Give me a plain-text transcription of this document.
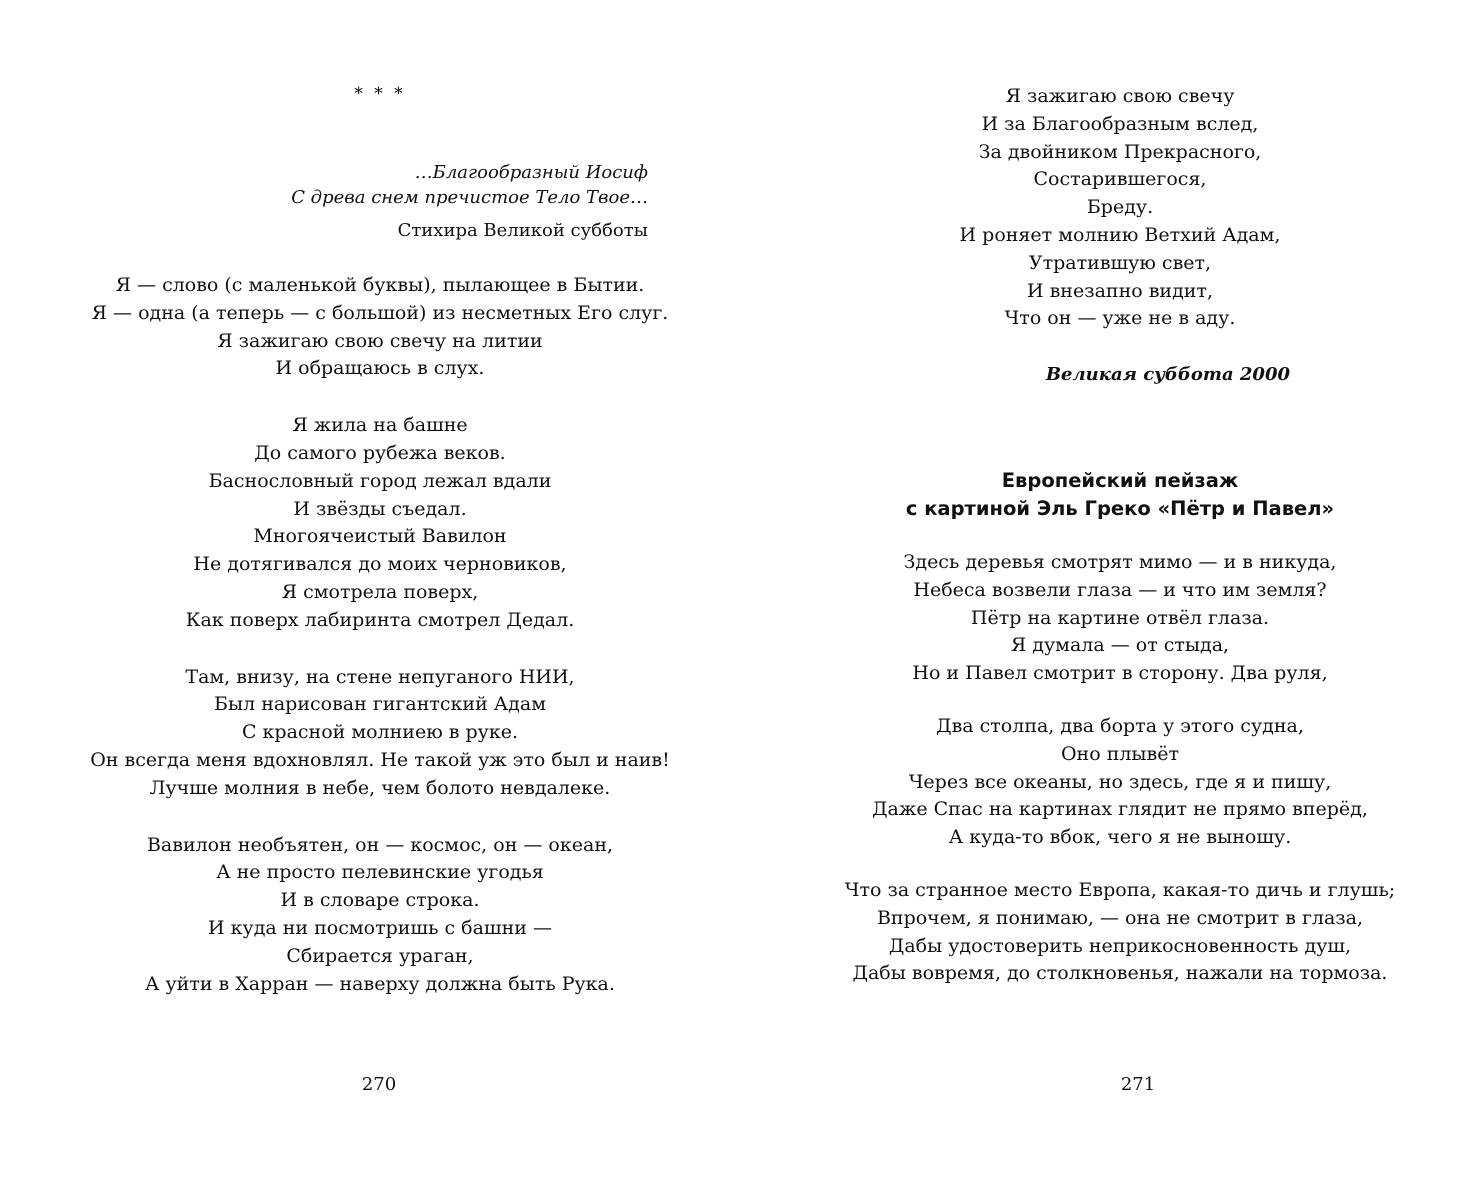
* * *
…Благообразный Иосиф
С древа снем пречистое Тело Твое…
Стихира Великой субботы
Я — слово (с маленькой буквы), пылающее в Бытии.
Я — одна (а теперь — с большой) из несметных Его слуг.
Я зажигаю свою свечу на литии
И обращаюсь в слух.
Я жила на башне
До самого рубежа веков.
Баснословный город лежал вдали
И звёзды съедал.
Многоячеистый Вавилон
Не дотягивался до моих черновиков,
Я смотрела поверх,
Как поверх лабиринта смотрел Дедал.
Там, внизу, на стене непуганого НИИ,
Был нарисован гигантский Адам
С красной молниею в руке.
Он всегда меня вдохновлял. Не такой уж это был и наив!
Лучше молния в небе, чем болото невдалеке.
Вавилон необъятен, он — космос, он — океан,
А не просто пелевинские угодья
И в словаре строка.
И куда ни посмотришь с башни —
Сбирается ураган,
А уйти в Харран — наверху должна быть Рука.
270
Я зажигаю свою свечу
И за Благообразным вслед,
За двойником Прекрасного,
Состарившегося,
Бреду.
И роняет молнию Ветхий Адам,
Утратившую свет,
И внезапно видит,
Что он — уже не в аду.
Великая суббота 2000
Европейский пейзаж
с картиной Эль Греко «Пётр и Павел»
Здесь деревья смотрят мимо — и в никуда,
Небеса возвели глаза — и что им земля?
Пётр на картине отвёл глаза.
Я думала — от стыда,
Но и Павел смотрит в сторону. Два руля,
Два столпа, два борта у этого судна,
Оно плывёт
Через все океаны, но здесь, где я и пишу,
Даже Спас на картинах глядит не прямо вперёд,
А куда-то вбок, чего я не выношу.
Что за странное место Европа, какая-то дичь и глушь;
Впрочем, я понимаю, — она не смотрит в глаза,
Дабы удостоверить неприкосновенность душ,
Дабы вовремя, до столкновенья, нажали на тормоза.
271
